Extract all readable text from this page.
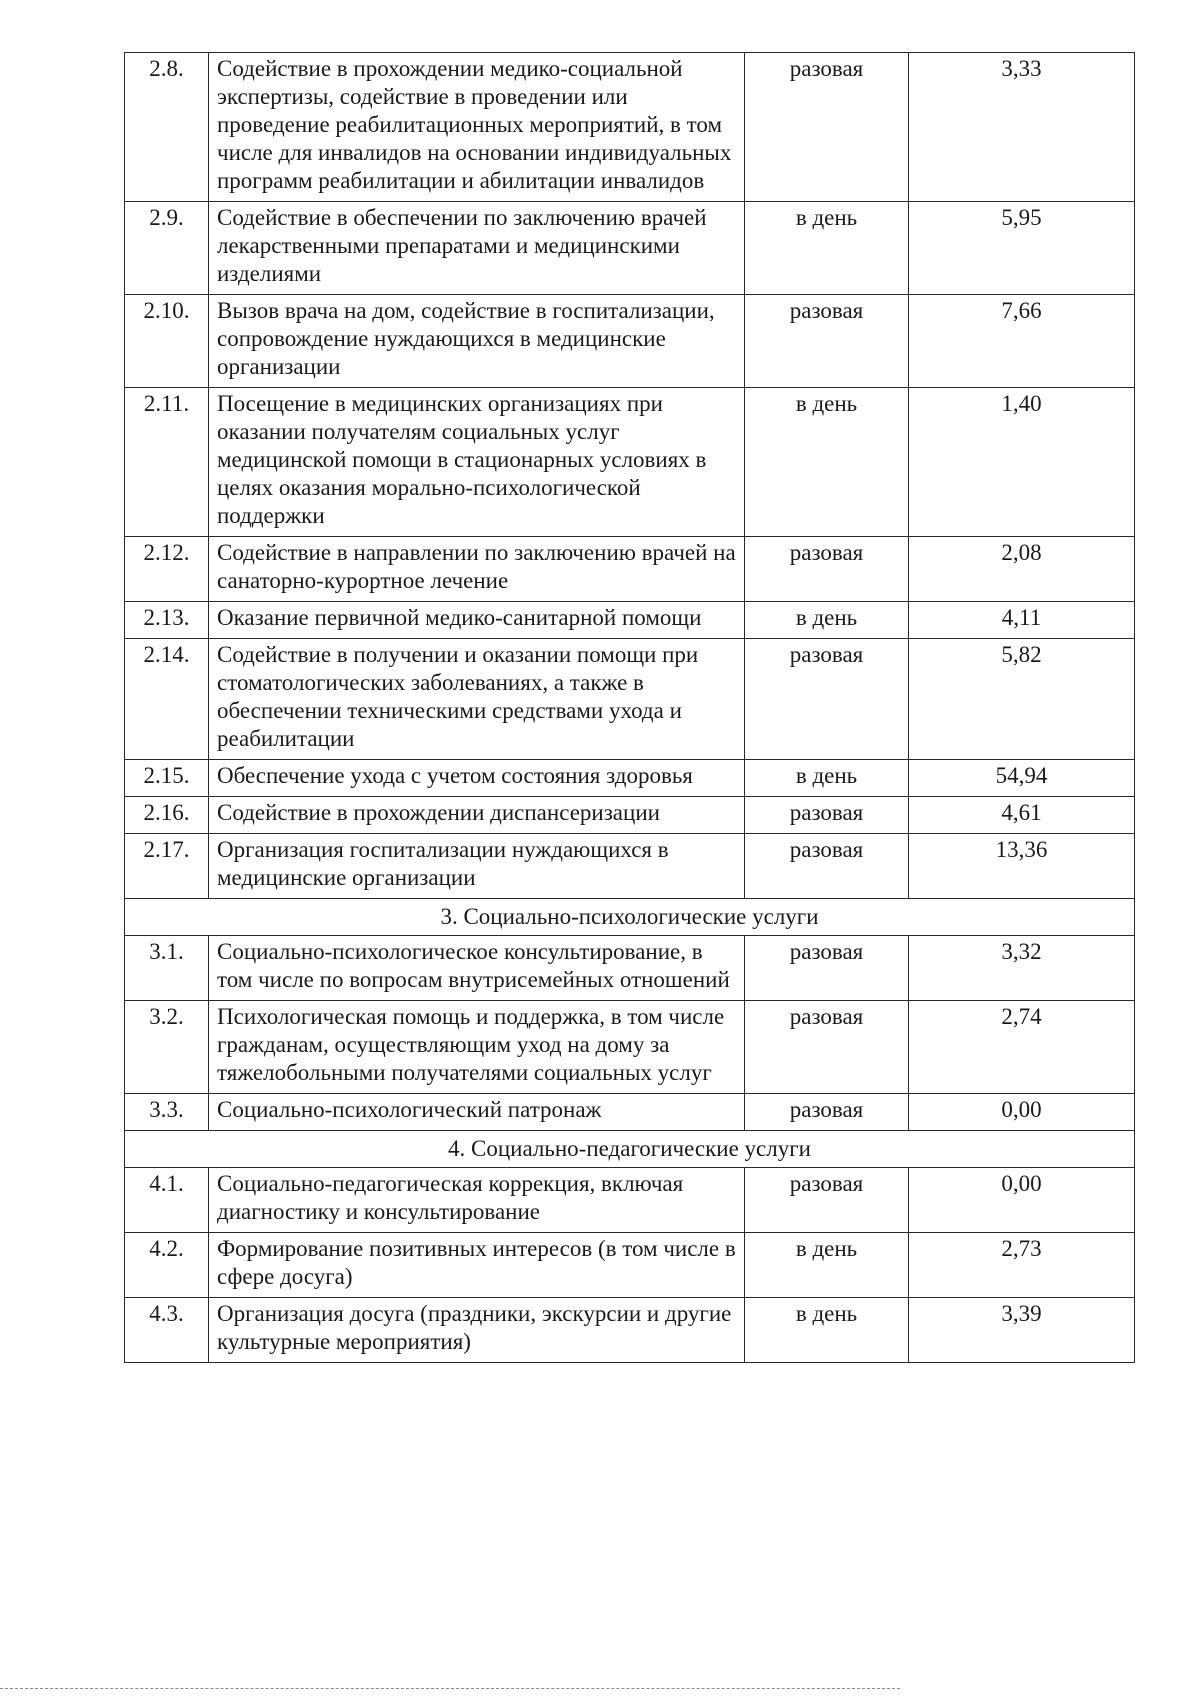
2.8.	Содействие в прохождении медико-социальной экспертизы, содействие в проведении или проведение реабилитационных мероприятий, в том числе для инвалидов на основании индивидуальных программ реабилитации и абилитации инвалидов	разовая	3,33
2.9.	Содействие в обеспечении по заключению врачей лекарственными препаратами и медицинскими изделиями	в день	5,95
2.10.	Вызов врача на дом, содействие в госпитализации, сопровождение нуждающихся в медицинские организации	разовая	7,66
2.11.	Посещение в медицинских организациях при оказании получателям социальных услуг медицинской помощи в стационарных условиях в целях оказания морально-психологической поддержки	в день	1,40
2.12.	Содействие в направлении по заключению врачей на санаторно-курортное лечение	разовая	2,08
2.13.	Оказание первичной медико-санитарной помощи	в день	4,11
2.14.	Содействие в получении и оказании помощи при стоматологических заболеваниях, а также в обеспечении техническими средствами ухода и реабилитации	разовая	5,82
2.15.	Обеспечение ухода с учетом состояния здоровья	в день	54,94
2.16.	Содействие в прохождении диспансеризации	разовая	4,61
2.17.	Организация госпитализации нуждающихся в медицинские организации	разовая	13,36
3. Социально-психологические услуги			
3.1.	Социально-психологическое консультирование, в том числе по вопросам внутрисемейных отношений	разовая	3,32
3.2.	Психологическая помощь и поддержка, в том числе гражданам, осуществляющим уход на дому за тяжелобольными получателями социальных услуг	разовая	2,74
3.3.	Социально-психологический патронаж	разовая	0,00
4. Социально-педагогические услуги			
4.1.	Социально-педагогическая коррекция, включая диагностику и консультирование	разовая	0,00
4.2.	Формирование позитивных интересов (в том числе в сфере досуга)	в день	2,73
4.3.	Организация досуга (праздники, экскурсии и другие культурные мероприятия)	в день	3,39
